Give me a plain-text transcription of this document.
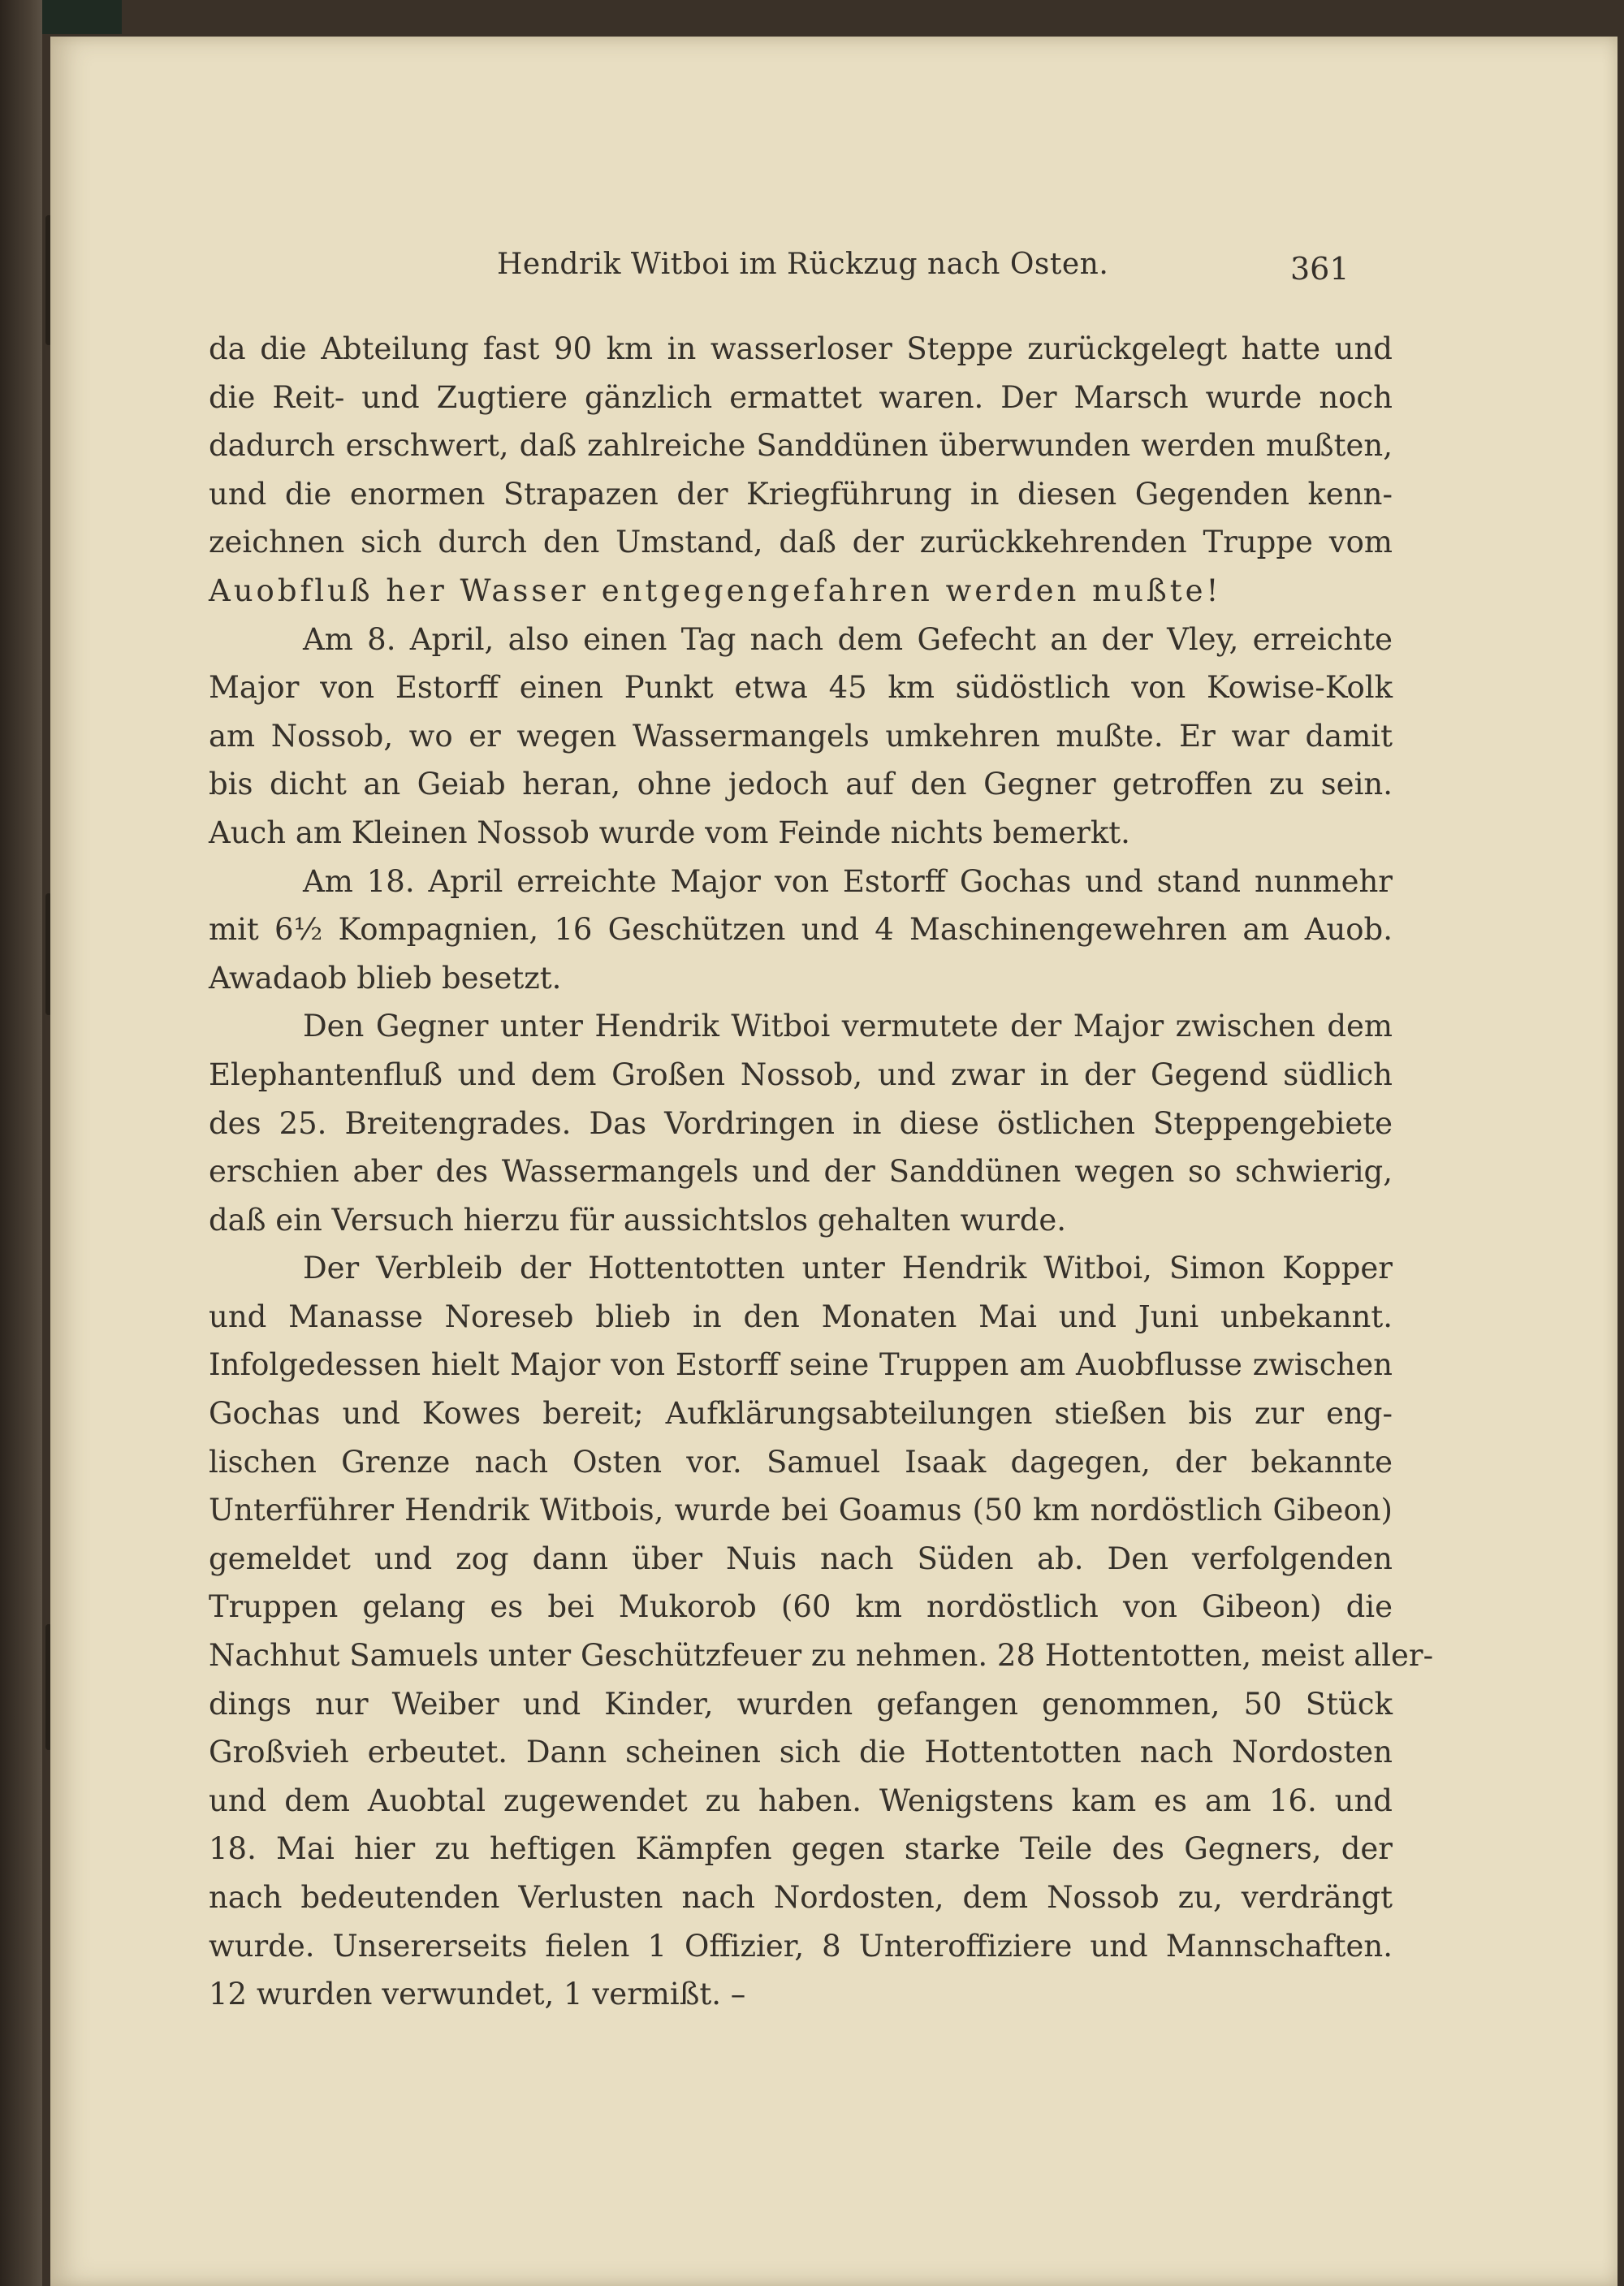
Hendrik Witboi im Rückzug nach Osten.	361
da die Abteilung fast 90 km in wasserloser Steppe zurückgelegt hatte und
die Reit- und Zugtiere gänzlich ermattet waren. Der Marsch wurde noch
dadurch erschwert, daß zahlreiche Sanddünen überwunden werden mußten,
und die enormen Strapazen der Kriegführung in diesen Gegenden kenn-
zeichnen sich durch den Umstand, daß der zurückkehrenden Truppe vom
Auobfluß her Wasser entgegengefahren werden mußte!
Am 8. April, also einen Tag nach dem Gefecht an der Vley, erreichte
Major von Estorff einen Punkt etwa 45 km südöstlich von Kowise-Kolk
am Nossob, wo er wegen Wassermangels umkehren mußte. Er war damit
bis dicht an Geiab heran, ohne jedoch auf den Gegner getroffen zu sein.
Auch am Kleinen Nossob wurde vom Feinde nichts bemerkt.
Am 18. April erreichte Major von Estorff Gochas und stand nunmehr
mit 6½ Kompagnien, 16 Geschützen und 4 Maschinengewehren am Auob.
Awadaob blieb besetzt.
Den Gegner unter Hendrik Witboi vermutete der Major zwischen dem
Elephantenfluß und dem Großen Nossob, und zwar in der Gegend südlich
des 25. Breitengrades. Das Vordringen in diese östlichen Steppengebiete
erschien aber des Wassermangels und der Sanddünen wegen so schwierig,
daß ein Versuch hierzu für aussichtslos gehalten wurde.
Der Verbleib der Hottentotten unter Hendrik Witboi, Simon Kopper
und Manasse Noreseb blieb in den Monaten Mai und Juni unbekannt.
Infolgedessen hielt Major von Estorff seine Truppen am Auobflusse zwischen
Gochas und Kowes bereit; Aufklärungsabteilungen stießen bis zur eng-
lischen Grenze nach Osten vor. Samuel Isaak dagegen, der bekannte
Unterführer Hendrik Witbois, wurde bei Goamus (50 km nordöstlich Gibeon)
gemeldet und zog dann über Nuis nach Süden ab. Den verfolgenden
Truppen gelang es bei Mukorob (60 km nordöstlich von Gibeon) die
Nachhut Samuels unter Geschützfeuer zu nehmen. 28 Hottentotten, meist aller-
dings nur Weiber und Kinder, wurden gefangen genommen, 50 Stück
Großvieh erbeutet. Dann scheinen sich die Hottentotten nach Nordosten
und dem Auobtal zugewendet zu haben. Wenigstens kam es am 16. und
18. Mai hier zu heftigen Kämpfen gegen starke Teile des Gegners, der
nach bedeutenden Verlusten nach Nordosten, dem Nossob zu, verdrängt
wurde. Unsererseits fielen 1 Offizier, 8 Unteroffiziere und Mannschaften.
12 wurden verwundet, 1 vermißt. –
